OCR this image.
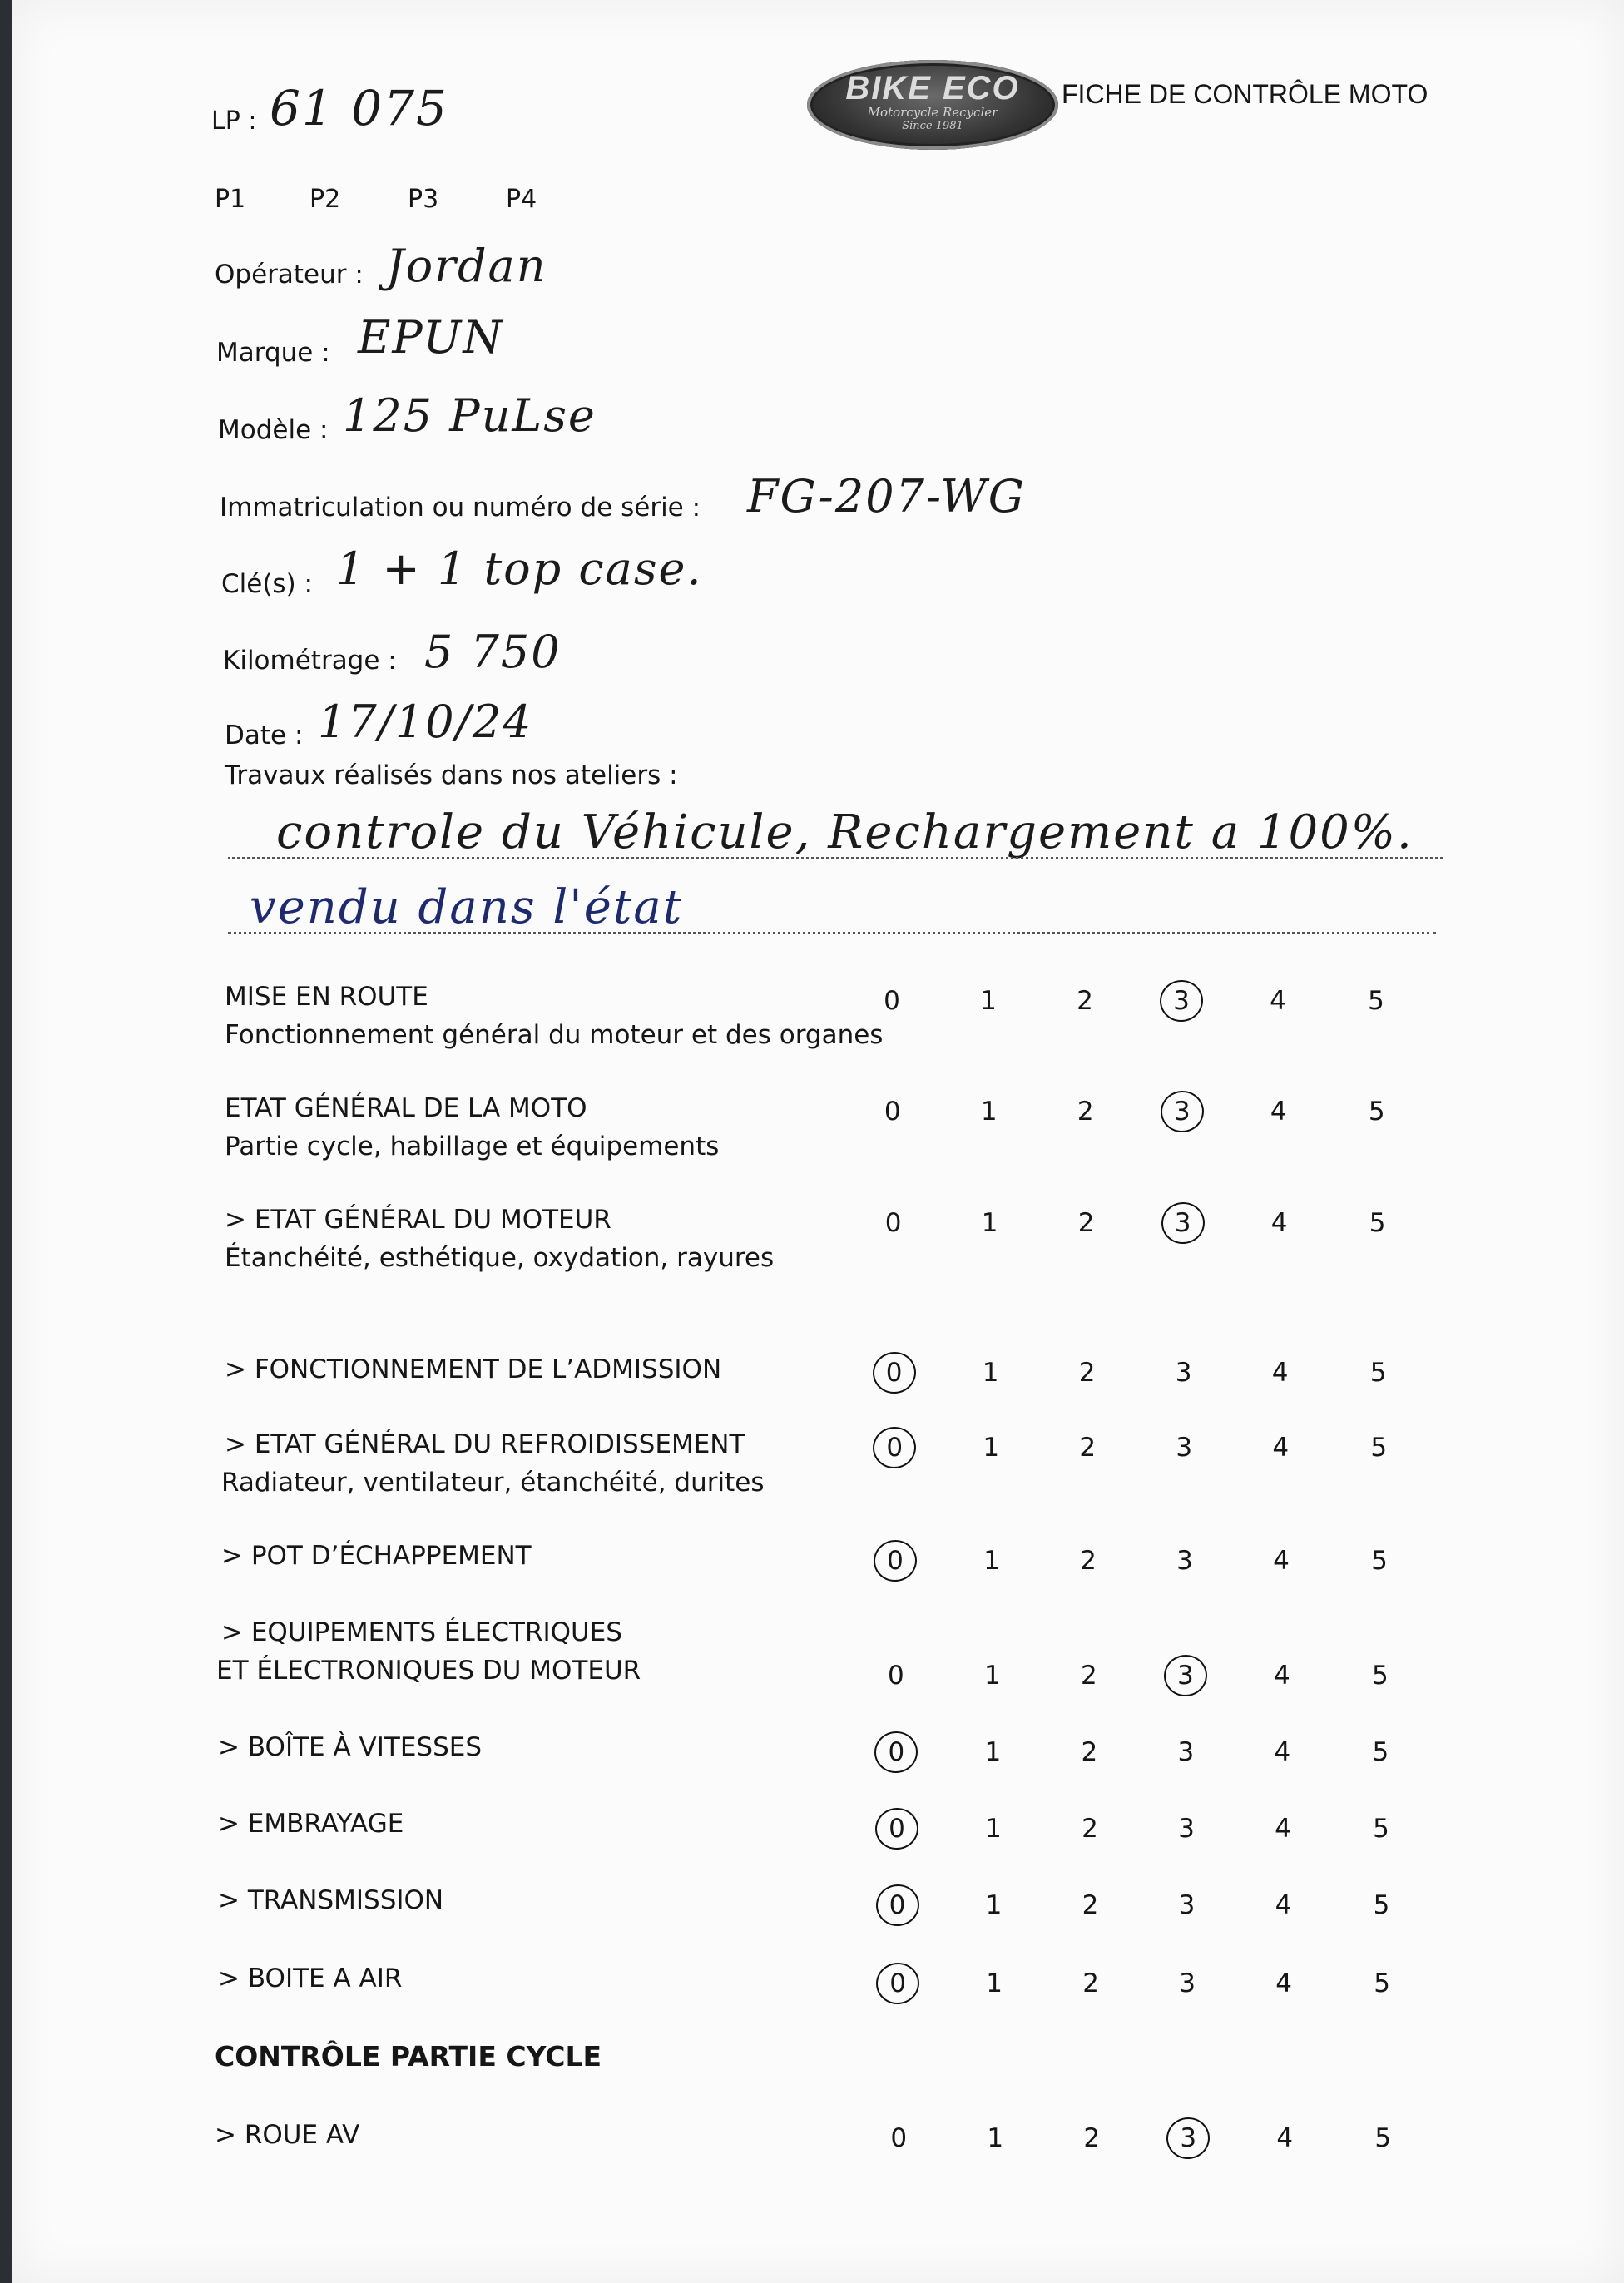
LP : 61 075	BIKE ECO
Motorcycle Recycler
Since 1981
FICHE DE CONTRÔLE MOTO
P1	P2	P3	P4
Opérateur : Jordan
Marque : EPUN
Modèle : 125 PuLse
Immatriculation ou numéro de série : FG-207-WG
Clé(s) : 1 + 1 top case.
Kilométrage : 5 750
Date : 17/10/24
Travaux réalisés dans nos ateliers :
controle du Véhicule, Rechargement a 100%.
vendu dans l'état
MISE EN ROUTE
Fonctionnement général du moteur et des organes
0	1	2	3	4	5
ETAT GÉNÉRAL DE LA MOTO
Partie cycle, habillage et équipements
0	1	2	3	4	5
> ETAT GÉNÉRAL DU MOTEUR
Étanchéité, esthétique, oxydation, rayures
0	1	2	3	4	5
> FONCTIONNEMENT DE L’ADMISSION	0	1	2	3	4	5
> ETAT GÉNÉRAL DU REFROIDISSEMENT
Radiateur, ventilateur, étanchéité, durites
0	1	2	3	4	5
> POT D’ÉCHAPPEMENT	0	1	2	3	4	5
> EQUIPEMENTS ÉLECTRIQUES
ET ÉLECTRONIQUES DU MOTEUR	0	1	2	3	4	5
> BOÎTE À VITESSES	0	1	2	3	4	5
> EMBRAYAGE	0	1	2	3	4	5
> TRANSMISSION	0	1	2	3	4	5
> BOITE A AIR	0	1	2	3	4	5
CONTRÔLE PARTIE CYCLE
> ROUE AV	0	1	2	3	4	5
